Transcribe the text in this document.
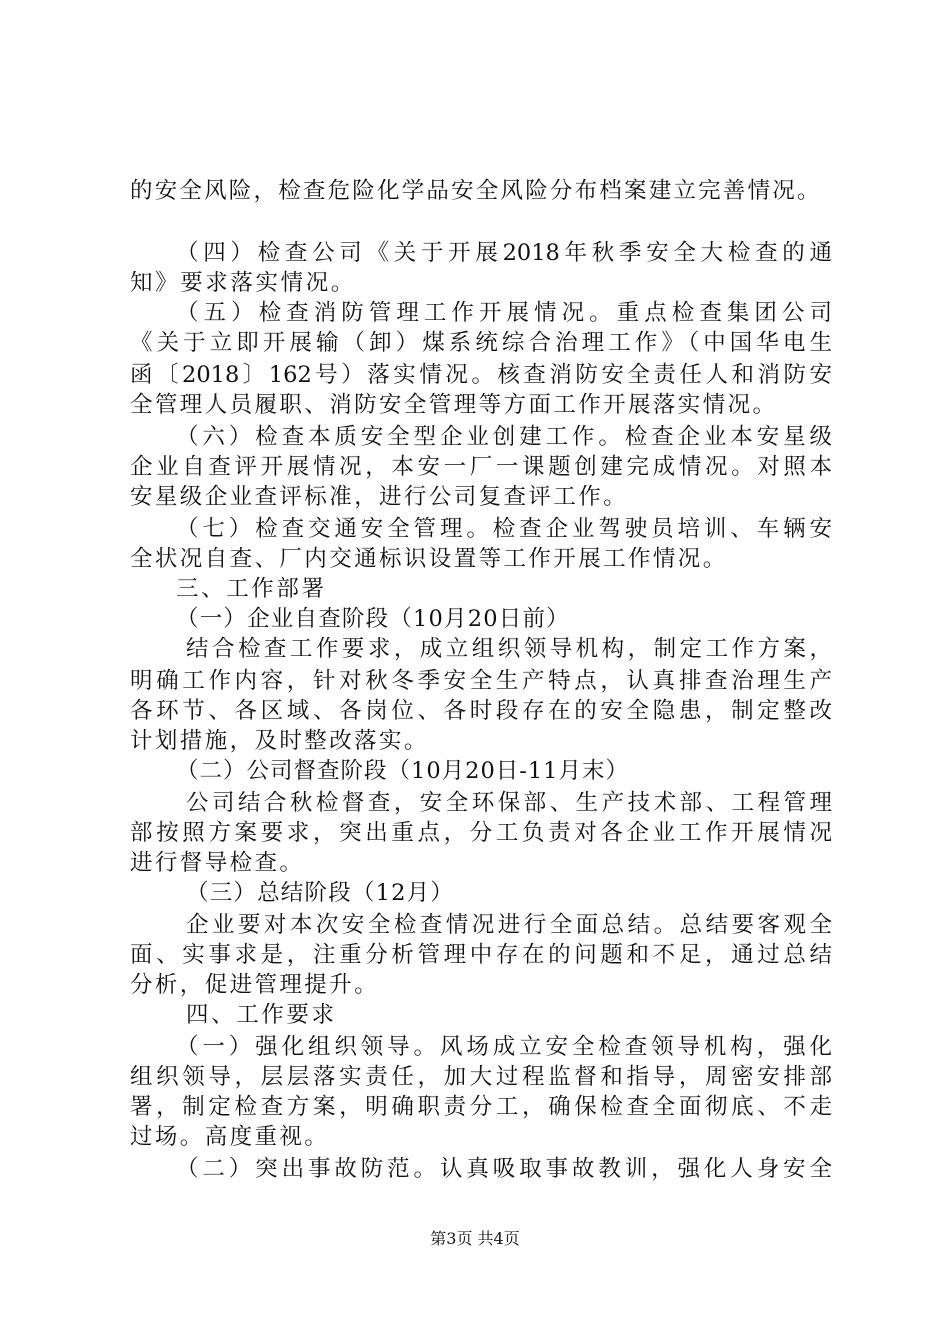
的安全风险，检查危险化学品安全风险分布档案建立完善情况。
（四）检查公司《关于开展2018年秋季安全大检查的通
知》要求落实情况。
（五）检查消防管理工作开展情况。重点检查集团公司
《关于立即开展输（卸）煤系统综合治理工作》（中国华电生
函〔2018〕162号）落实情况。核查消防安全责任人和消防安
全管理人员履职、消防安全管理等方面工作开展落实情况。
（六）检查本质安全型企业创建工作。检查企业本安星级
企业自查评开展情况，本安一厂一课题创建完成情况。对照本
安星级企业查评标准，进行公司复查评工作。
（七）检查交通安全管理。检查企业驾驶员培训、车辆安
全状况自查、厂内交通标识设置等工作开展工作情况。
三、工作部署
（一）企业自查阶段（10月20日前）
结合检查工作要求，成立组织领导机构，制定工作方案，
明确工作内容，针对秋冬季安全生产特点，认真排查治理生产
各环节、各区域、各岗位、各时段存在的安全隐患，制定整改
计划措施，及时整改落实。
（二）公司督查阶段（10月20日-11月末）
公司结合秋检督查，安全环保部、生产技术部、工程管理
部按照方案要求，突出重点，分工负责对各企业工作开展情况
进行督导检查。
（三）总结阶段（12月）
企业要对本次安全检查情况进行全面总结。总结要客观全
面、实事求是，注重分析管理中存在的问题和不足，通过总结
分析，促进管理提升。
四、工作要求
（一）强化组织领导。风场成立安全检查领导机构，强化
组织领导，层层落实责任，加大过程监督和指导，周密安排部
署，制定检查方案，明确职责分工，确保检查全面彻底、不走
过场。高度重视。
（二）突出事故防范。认真吸取事故教训，强化人身安全
第3页 共4页
